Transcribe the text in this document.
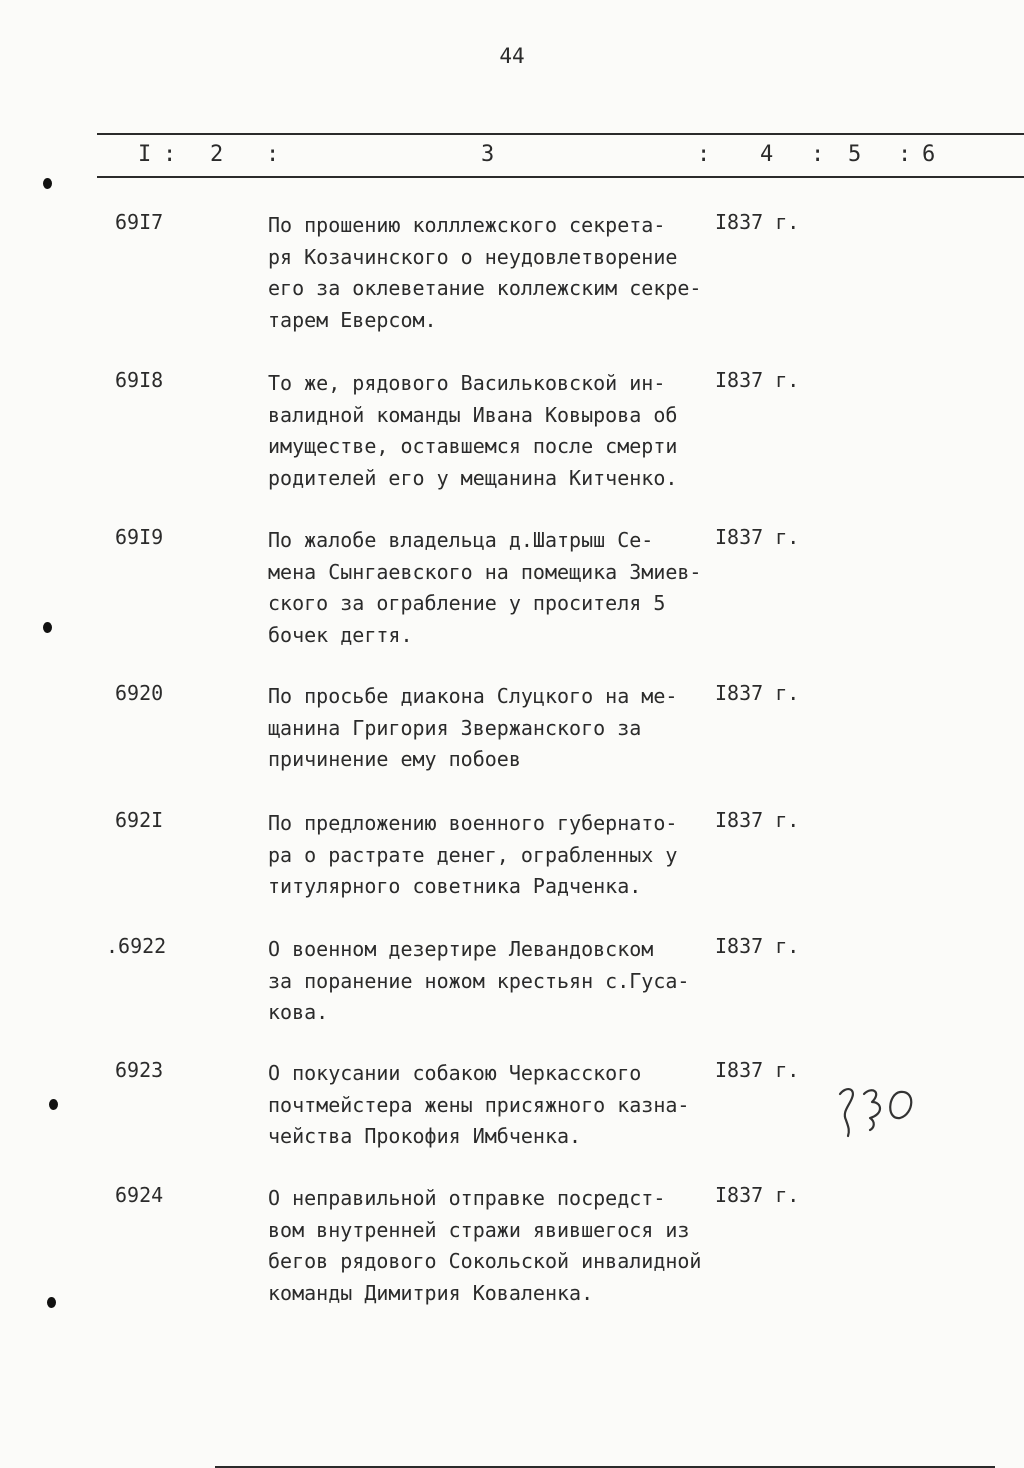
44
I : 2 :	3	: 4 : 5 : 6
69I7	По прошению колллежского секрета-
ря Козачинского о неудовлетворение
его за оклеветание коллежским секре-
тарем Еверсом.
I837 г.
69I8	То же, рядового Васильковской ин-
валидной команды Ивана Ковырова об
имуществе, оставшемся после смерти
родителей его у мещанина Китченко.
I837 г.
69I9	По жалобе владельца д.Шатрыш Се-
мена Сынгаевского на помещика Змиев-
ского за ограбление у просителя 5
бочек дегтя.
I837 г.
6920	По просьбе диакона Слуцкого на ме-
щанина Григория Звержанского за
причинение ему побоев
I837 г.
692I	По предложению военного губернато-
ра о растрате денег, ограбленных у
титулярного советника Радченка.
I837 г.
.6922	О военном дезертире Левандовском
за поранение ножом крестьян с.Гуса-
кова.
I837 г.
6923	О покусании собакою Черкасского
почтмейстера жены присяжного казна-
чейства Прокофия Имбченка.
I837 г.
6924	О неправильной отправке посредст-
вом внутренней стражи явившегося из
бегов рядового Сокольской инвалидной
команды Димитрия Коваленка.
I837 г.
230
